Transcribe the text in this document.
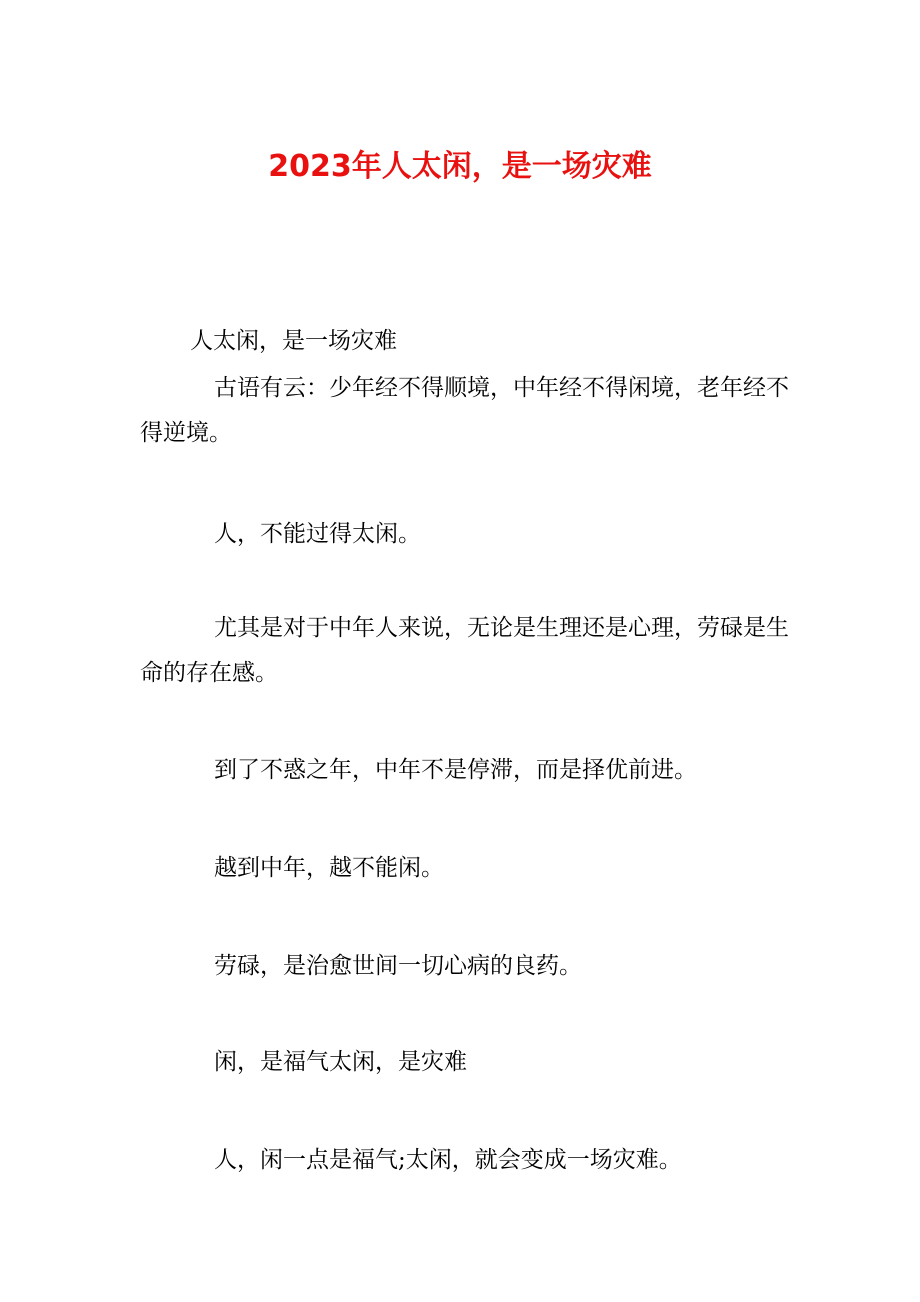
2023年人太闲，是一场灾难

人太闲，是一场灾难

古语有云：少年经不得顺境，中年经不得闲境，老年经不得逆境。

人，不能过得太闲。

尤其是对于中年人来说，无论是生理还是心理，劳碌是生命的存在感。

到了不惑之年，中年不是停滞，而是择优前进。

越到中年，越不能闲。

劳碌，是治愈世间一切心病的良药。

闲，是福气太闲，是灾难

人，闲一点是福气;太闲，就会变成一场灾难。
